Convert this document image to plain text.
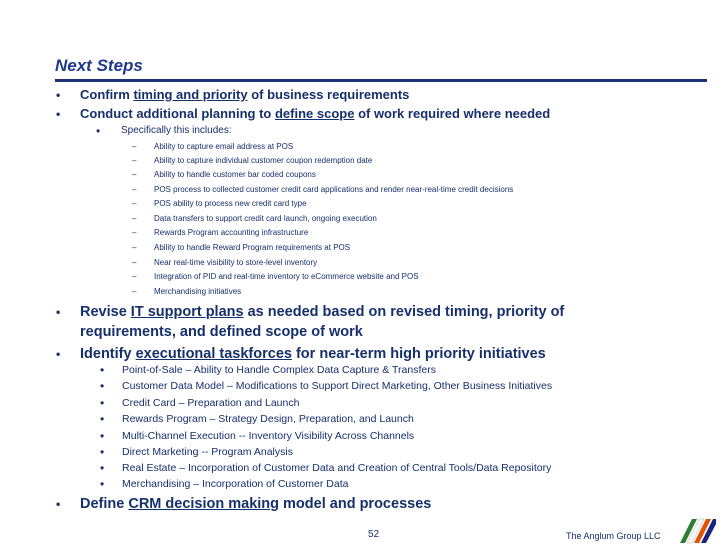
Next Steps
• Confirm timing and priority of business requirements
• Conduct additional planning to define scope of work required where needed
• Specifically this includes:
– Ability to capture email address at POS
– Ability to capture individual customer coupon redemption date
– Ability to handle customer bar coded coupons
– POS process to collected customer credit card applications and render near-real-time credit decisions
– POS ability to process new credit card type
– Data transfers to support credit card launch, ongoing execution
– Rewards Program accounting infrastructure
– Ability to handle Reward Program requirements at POS
– Near real-time visibility to store-level inventory
– Integration of PID and real-time inventory to eCommerce website and POS
– Merchandising initiatives
• Revise IT support plans as needed based on revised timing, priority of requirements, and defined scope of work
• Identify executional taskforces for near-term high priority initiatives
• Point-of-Sale – Ability to Handle Complex Data Capture & Transfers
• Customer Data Model – Modifications to Support Direct Marketing, Other Business Initiatives
• Credit Card – Preparation and Launch
• Rewards Program – Strategy Design, Preparation, and Launch
• Multi-Channel Execution -- Inventory Visibility Across Channels
• Direct Marketing -- Program Analysis
• Real Estate – Incorporation of Customer Data and Creation of Central Tools/Data Repository
• Merchandising – Incorporation of Customer Data
• Define CRM decision making model and processes
52	The Anglum Group LLC
